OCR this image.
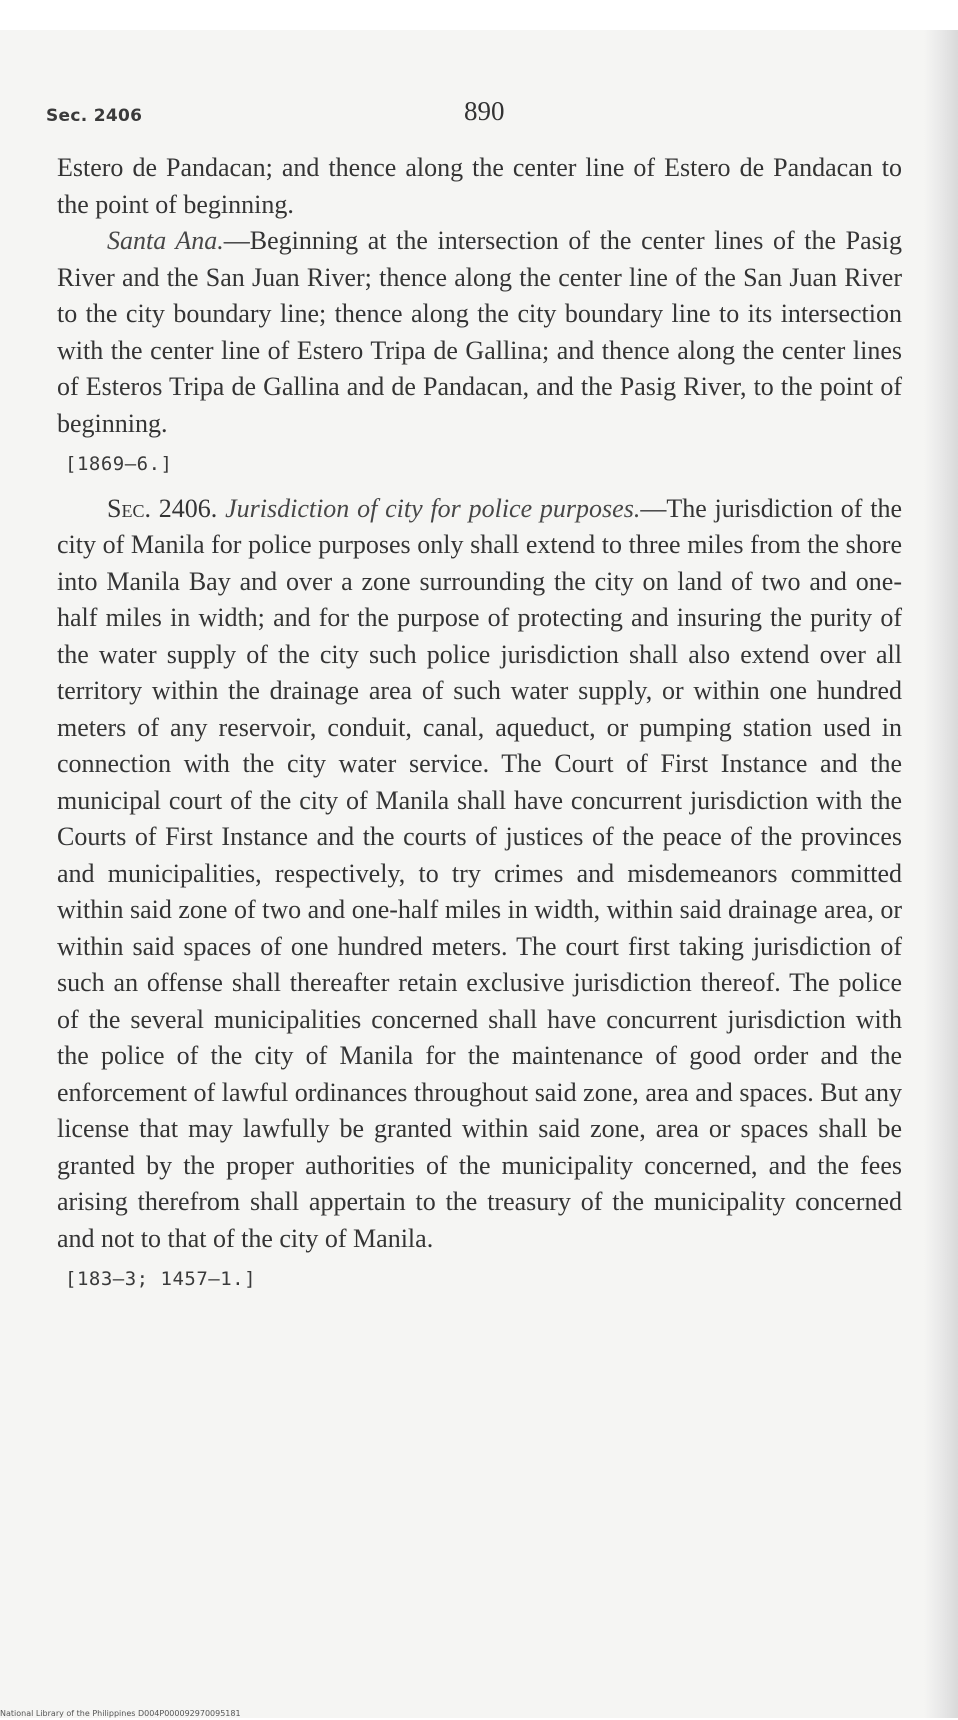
Sec. 2406	890

Estero de Pandacan; and thence along the center line of Estero de Pandacan to the point of beginning.

Santa Ana.—Beginning at the intersection of the center lines of the Pasig River and the San Juan River; thence along the center line of the San Juan River to the city boundary line; thence along the city boundary line to its intersection with the center line of Estero Tripa de Gallina; and thence along the center lines of Esteros Tripa de Gallina and de Pandacan, and the Pasig River, to the point of beginning.

[1869—6.]

Sec. 2406. Jurisdiction of city for police purposes.—The jurisdiction of the city of Manila for police purposes only shall extend to three miles from the shore into Manila Bay and over a zone surrounding the city on land of two and one-half miles in width; and for the purpose of protecting and insuring the purity of the water supply of the city such police jurisdiction shall also extend over all territory within the drainage area of such water supply, or within one hundred meters of any reservoir, conduit, canal, aqueduct, or pumping station used in connection with the city water service. The Court of First Instance and the municipal court of the city of Manila shall have concurrent jurisdiction with the Courts of First Instance and the courts of justices of the peace of the provinces and municipalities, respectively, to try crimes and misdemeanors committed within said zone of two and one-half miles in width, within said drainage area, or within said spaces of one hundred meters. The court first taking jurisdiction of such an offense shall thereafter retain exclusive jurisdiction thereof. The police of the several municipalities concerned shall have concurrent jurisdiction with the police of the city of Manila for the maintenance of good order and the enforcement of lawful ordinances throughout said zone, area and spaces. But any license that may lawfully be granted within said zone, area or spaces shall be granted by the proper authorities of the municipality concerned, and the fees arising therefrom shall appertain to the treasury of the municipality concerned and not to that of the city of Manila.

[183—3; 1457—1.]

National Library of the Philippines D004P000092970095181
